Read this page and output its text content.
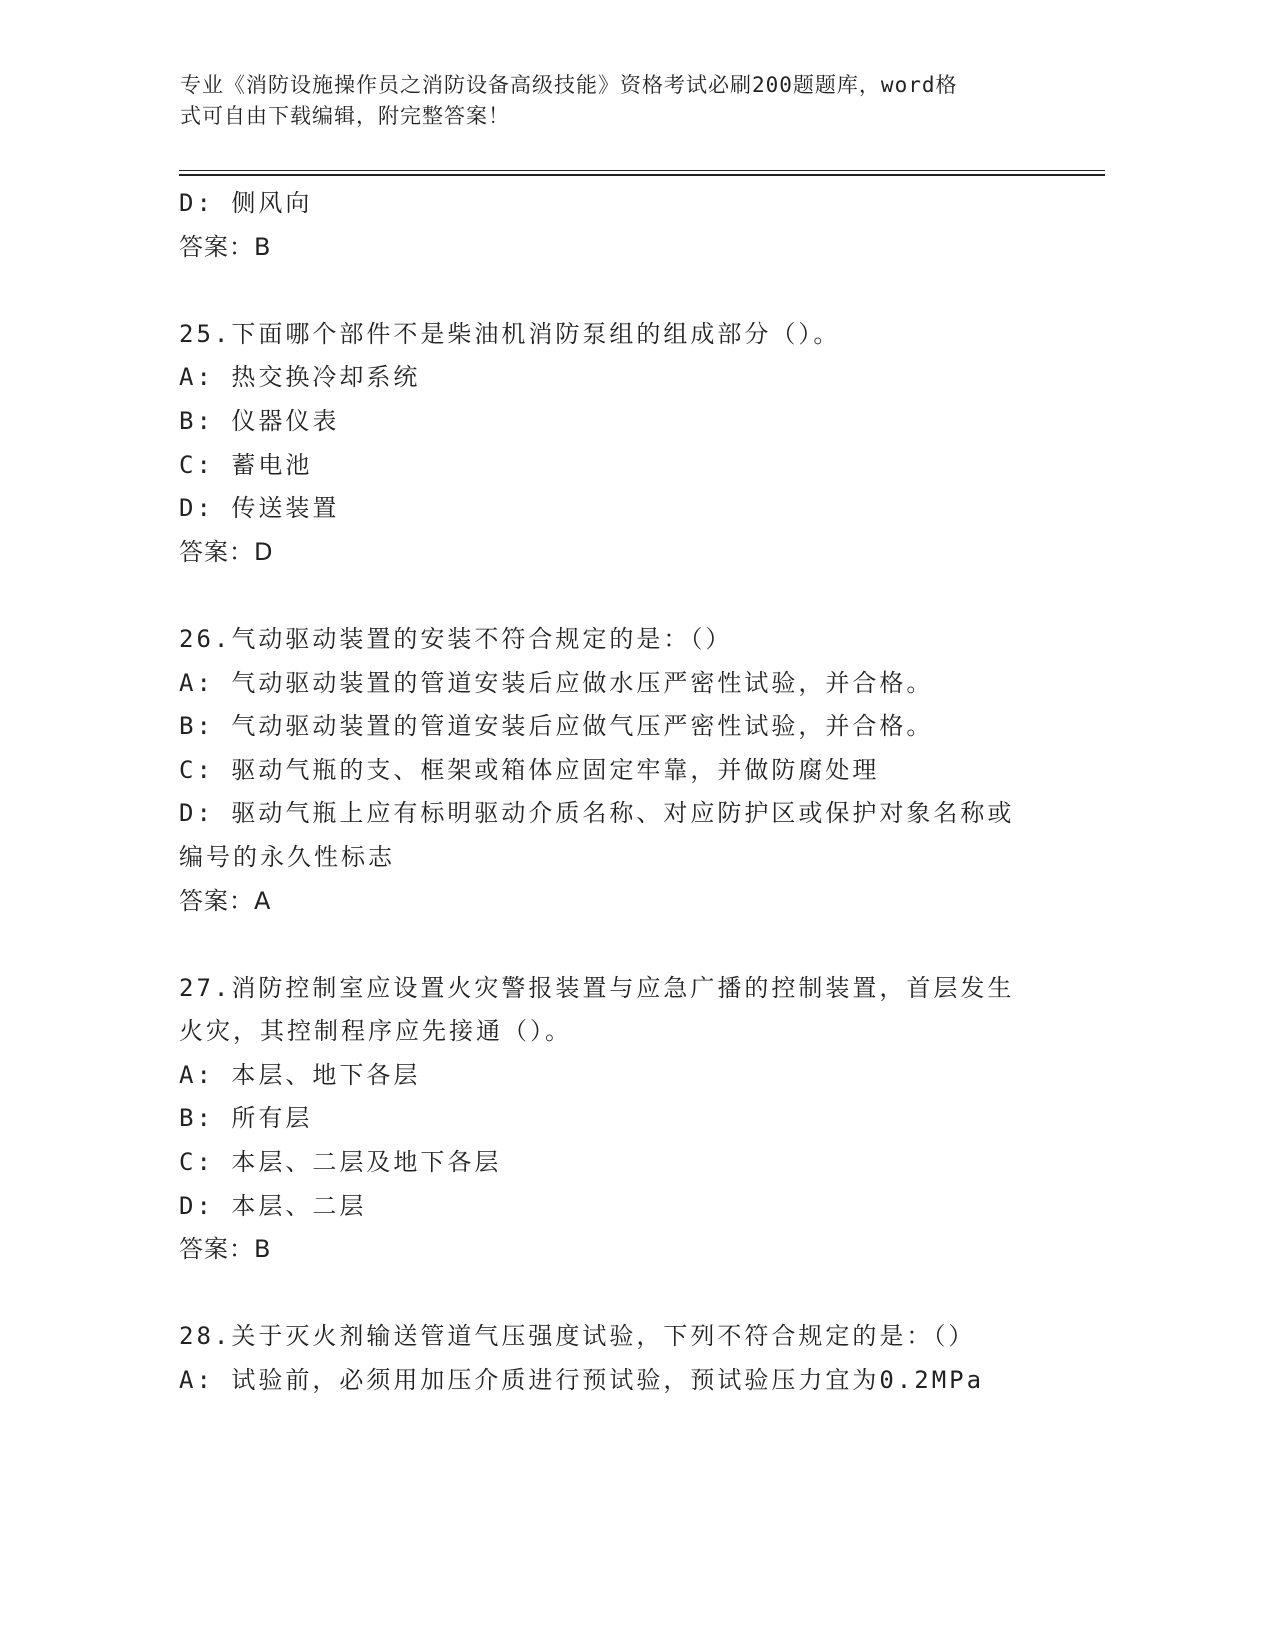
专业《消防设施操作员之消防设备高级技能》资格考试必刷200题题库，word格
式可自由下载编辑，附完整答案！

D: 侧风向

答案：B

25.下面哪个部件不是柴油机消防泵组的组成部分（）。

A: 热交换冷却系统

B: 仪器仪表

C: 蓄电池

D: 传送装置

答案：D

26.气动驱动装置的安装不符合规定的是：（）

A: 气动驱动装置的管道安装后应做水压严密性试验，并合格。

B: 气动驱动装置的管道安装后应做气压严密性试验，并合格。

C: 驱动气瓶的支、框架或箱体应固定牢靠，并做防腐处理

D: 驱动气瓶上应有标明驱动介质名称、对应防护区或保护对象名称或

编号的永久性标志

答案：A

27.消防控制室应设置火灾警报装置与应急广播的控制装置，首层发生

火灾，其控制程序应先接通（）。

A: 本层、地下各层

B: 所有层

C: 本层、二层及地下各层

D: 本层、二层

答案：B

28.关于灭火剂输送管道气压强度试验，下列不符合规定的是：（）

A: 试验前，必须用加压介质进行预试验，预试验压力宜为0.2MPa
